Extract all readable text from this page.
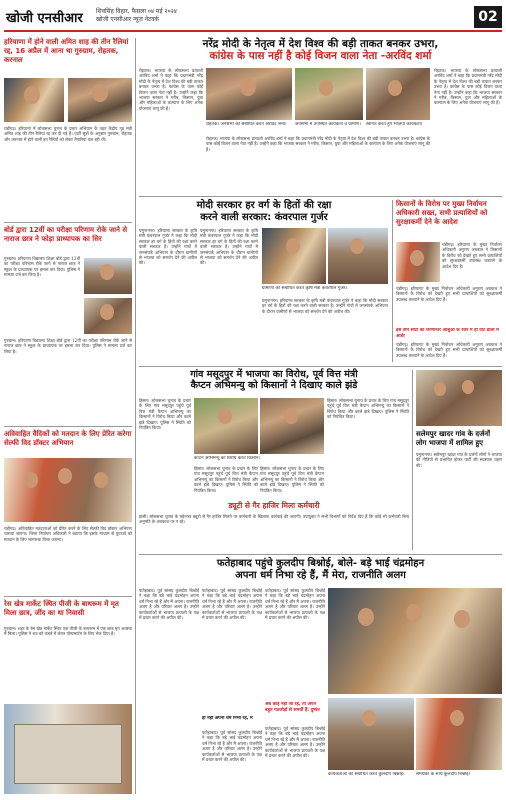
खोजी एनसीआर शिवसिंह विहार, फैसला ०४ मई २०२४
खोजी एनसीआर न्यूज़ नेटवर्क	02
हरियाणा में होने वाली अमित शाह की तीन रैलियां रद्द, 16 अप्रैल में आना था गुरुग्राम, रोहतक, करनाल
चंडीगढ़। हरियाणा में लोकसभा चुनाव के प्रचार अभियान के तहत केंद्रीय गृह मंत्री अमित शाह की तीन रैलियां रद्द कर दी गई हैं। पार्टी सूत्रों के अनुसार गुरुग्राम, रोहतक और करनाल में होने वाली इन रैलियों को लेकर तैयारियां चल रही थीं।
बोर्ड द्वारा 12वीं का परीक्षा परिणाम रोके जाने से नाराज छात्र ने फोड़ा प्राध्यापक का सिर
गुरुग्राम। हरियाणा विद्यालय शिक्षा बोर्ड द्वारा 12वीं का परीक्षा परिणाम रोके जाने से नाराज छात्र ने स्कूल के प्राध्यापक पर हमला कर दिया। पुलिस ने मामला दर्ज कर लिया है।
गुरुग्राम। हरियाणा विद्यालय शिक्षा बोर्ड द्वारा 12वीं का परीक्षा परिणाम रोके जाने से नाराज छात्र ने स्कूल के प्राध्यापक पर हमला कर दिया। पुलिस ने मामला दर्ज कर लिया है।
अविवाहित वैदिकों को मतदान के लिए प्रेरित करेगा सेल्फी विद डॉक्टर अभियान
चंडीगढ़। अविवाहित मतदाताओं को प्रेरित करने के लिए सेल्फी विद डॉक्टर अभियान चलाया जाएगा। जिला निर्वाचन अधिकारी ने बताया कि इसके माध्यम से युवाओं को मतदान के लिए जागरूक किया जाएगा।
रेस खेत्र मार्केट स्थित पीजी के बाथरूम में मृत मिला छात्र, जींद का था निवासी
गुरुग्राम। शहर के रेस खेत्र मार्केट स्थित एक पीजी के बाथरूम में एक छात्र मृत अवस्था में मिला। पुलिस ने शव को कब्जे में लेकर पोस्टमार्टम के लिए भेज दिया है।
नरेंद्र मोदी के नेतृत्व में देश विश्व की बड़ी ताकत बनकर उभरा,
कांग्रेस के पास नहीं है कोई विजन वाला नेता -अरविंद शर्मा
रोहतक। भाजपा के लोकसभा प्रत्याशी अरविंद शर्मा ने कहा कि प्रधानमंत्री नरेंद्र मोदी के नेतृत्व में देश विश्व की बड़ी ताकत बनकर उभरा है। कांग्रेस के पास कोई विजन वाला नेता नहीं है। उन्होंने कहा कि भाजपा सरकार ने गरीब, किसान, युवा और महिलाओं के कल्याण के लिए अनेक योजनाएं लागू की हैं।
रोहतक। जनसभा को संबोधित करते अरविंद शर्मा।	जनसभा में उपस्थित कार्यकर्ता व ग्रामीण।	स्वागत करते हुए भाजपा कार्यकर्ता।
रोहतक। भाजपा के लोकसभा प्रत्याशी अरविंद शर्मा ने कहा कि प्रधानमंत्री नरेंद्र मोदी के नेतृत्व में देश विश्व की बड़ी ताकत बनकर उभरा है। कांग्रेस के पास कोई विजन वाला नेता नहीं है। उन्होंने कहा कि भाजपा सरकार ने गरीब, किसान, युवा और महिलाओं के कल्याण के लिए अनेक योजनाएं लागू की हैं।
रोहतक। भाजपा के लोकसभा प्रत्याशी अरविंद शर्मा ने कहा कि प्रधानमंत्री नरेंद्र मोदी के नेतृत्व में देश विश्व की बड़ी ताकत बनकर उभरा है। कांग्रेस के पास कोई विजन वाला नेता नहीं है। उन्होंने कहा कि भाजपा सरकार ने गरीब, किसान, युवा और महिलाओं के कल्याण के लिए अनेक योजनाएं लागू की हैं।
मोदी सरकार हर वर्ग के हितों की रक्षा
करने वाली सरकार: कंवरपाल गुर्जर
यमुनानगर। हरियाणा सरकार के कृषि मंत्री कंवरपाल गुर्जर ने कहा कि मोदी सरकार हर वर्ग के हितों की रक्षा करने वाली सरकार है। उन्होंने गांवों में जनसंपर्क अभियान के दौरान ग्रामीणों से भाजपा को समर्थन देने की अपील की।
यमुनानगर। हरियाणा सरकार के कृषि मंत्री कंवरपाल गुर्जर ने कहा कि मोदी सरकार हर वर्ग के हितों की रक्षा करने वाली सरकार है। उन्होंने गांवों में जनसंपर्क अभियान के दौरान ग्रामीणों से भाजपा को समर्थन देने की अपील की।
ग्रामीणों को संबोधित करते कृषि मंत्री कंवरपाल गुर्जर।
यमुनानगर। हरियाणा सरकार के कृषि मंत्री कंवरपाल गुर्जर ने कहा कि मोदी सरकार हर वर्ग के हितों की रक्षा करने वाली सरकार है। उन्होंने गांवों में जनसंपर्क अभियान के दौरान ग्रामीणों से भाजपा को समर्थन देने की अपील की।
किसानों के विरोध पर मुख्य निर्वाचन अधिकारी सख्त, सभी प्रत्याशियों को सुरक्षाकर्मी देने के आदेश
चंडीगढ़। हरियाणा के मुख्य निर्वाचन अधिकारी अनुराग अग्रवाल ने किसानों के विरोध को देखते हुए सभी प्रत्याशियों को सुरक्षाकर्मी उपलब्ध करवाने के आदेश दिए हैं।
चंडीगढ़। हरियाणा के मुख्य निर्वाचन अधिकारी अनुराग अग्रवाल ने किसानों के विरोध को देखते हुए सभी प्रत्याशियों को सुरक्षाकर्मी उपलब्ध करवाने के आदेश दिए हैं।
इस तीन सीटों का चरणान्तर आशुओं के रेजर में ही वोट डाली में आर्डर
चंडीगढ़। हरियाणा के मुख्य निर्वाचन अधिकारी अनुराग अग्रवाल ने किसानों के विरोध को देखते हुए सभी प्रत्याशियों को सुरक्षाकर्मी उपलब्ध करवाने के आदेश दिए हैं।
गांव मसूदपुर में भाजपा का विरोध, पूर्व वित्त मंत्री
कैप्टन अभिमन्यु को किसानों ने दिखाए काले झंडे
हिसार। लोकसभा चुनाव के प्रचार के लिए गांव मसूदपुर पहुंचे पूर्व वित्त मंत्री कैप्टन अभिमन्यु का किसानों ने विरोध किया और काले झंडे दिखाए। पुलिस ने स्थिति को नियंत्रित किया।
कैप्टन अभिमन्यु का विरोध करते किसान।
हिसार। लोकसभा चुनाव के प्रचार के लिए गांव मसूदपुर पहुंचे पूर्व वित्त मंत्री कैप्टन अभिमन्यु का किसानों ने विरोध किया और काले झंडे दिखाए। पुलिस ने स्थिति को नियंत्रित किया।
हिसार। लोकसभा चुनाव के प्रचार के लिए गांव मसूदपुर पहुंचे पूर्व वित्त मंत्री कैप्टन अभिमन्यु का किसानों ने विरोध किया और काले झंडे दिखाए। पुलिस ने स्थिति को नियंत्रित किया।
हिसार। लोकसभा चुनाव के प्रचार के लिए गांव मसूदपुर पहुंचे पूर्व वित्त मंत्री कैप्टन अभिमन्यु का किसानों ने विरोध किया और काले झंडे दिखाए। पुलिस ने स्थिति को नियंत्रित किया।
सलेमपुर खादर गांव के दर्जनों लोग भाजपा में शामिल हुए
यमुनानगर। सलेमपुर खादर गांव के दर्जनों लोगों ने भाजपा की नीतियों से प्रभावित होकर पार्टी की सदस्यता ग्रहण की।
ड्यूटी से गैर हाजिर मिला कर्मचारी
हांसी। लोकसभा चुनाव के मद्देनजर ड्यूटी से गैर हाजिर मिलने पर कर्मचारी के खिलाफ कार्रवाई की जाएगी। उपायुक्त ने सभी विभागों को निर्देश दिए हैं कि कोई भी कर्मचारी बिना अनुमति के अवकाश पर न रहे।
फतेहाबाद पहुंचे कुलदीप बिश्नोई, बोले- बड़े भाई चंद्रमोहन
अपना धर्म निभा रहे हैं, मैं मेरा, राजनीति अलग
फतेहाबाद। पूर्व सांसद कुलदीप बिश्नोई ने कहा कि बड़े भाई चंद्रमोहन अपना धर्म निभा रहे हैं और मैं अपना। राजनीति अलग है और परिवार अलग है। उन्होंने कार्यकर्ताओं से भाजपा प्रत्याशी के पक्ष में प्रचार करने की अपील की।
फतेहाबाद। पूर्व सांसद कुलदीप बिश्नोई ने कहा कि बड़े भाई चंद्रमोहन अपना धर्म निभा रहे हैं और मैं अपना। राजनीति अलग है और परिवार अलग है। उन्होंने कार्यकर्ताओं से भाजपा प्रत्याशी के पक्ष में प्रचार करने की अपील की।
हो नहीं अपना धर्म निभा रहे, मैं
फतेहाबाद। पूर्व सांसद कुलदीप बिश्नोई ने कहा कि बड़े भाई चंद्रमोहन अपना धर्म निभा रहे हैं और मैं अपना। राजनीति अलग है और परिवार अलग है। उन्होंने कार्यकर्ताओं से भाजपा प्रत्याशी के पक्ष में प्रचार करने की अपील की।
फतेहाबाद। पूर्व सांसद कुलदीप बिश्नोई ने कहा कि बड़े भाई चंद्रमोहन अपना धर्म निभा रहे हैं और मैं अपना। राजनीति अलग है और परिवार अलग है। उन्होंने कार्यकर्ताओं से भाजपा प्रत्याशी के पक्ष में प्रचार करने की अपील की।
अब कोई नहीं जा रहे, तो अपने बहुत गठजोड़ों से समर्थी हैं: दुष्यंत
फतेहाबाद। पूर्व सांसद कुलदीप बिश्नोई ने कहा कि बड़े भाई चंद्रमोहन अपना धर्म निभा रहे हैं और मैं अपना। राजनीति अलग है और परिवार अलग है। उन्होंने कार्यकर्ताओं से भाजपा प्रत्याशी के पक्ष में प्रचार करने की अपील की।
कार्यकर्ताओं को संबोधित करते कुलदीप बिश्नोई।	समर्थकों के साथ कुलदीप बिश्नोई।
